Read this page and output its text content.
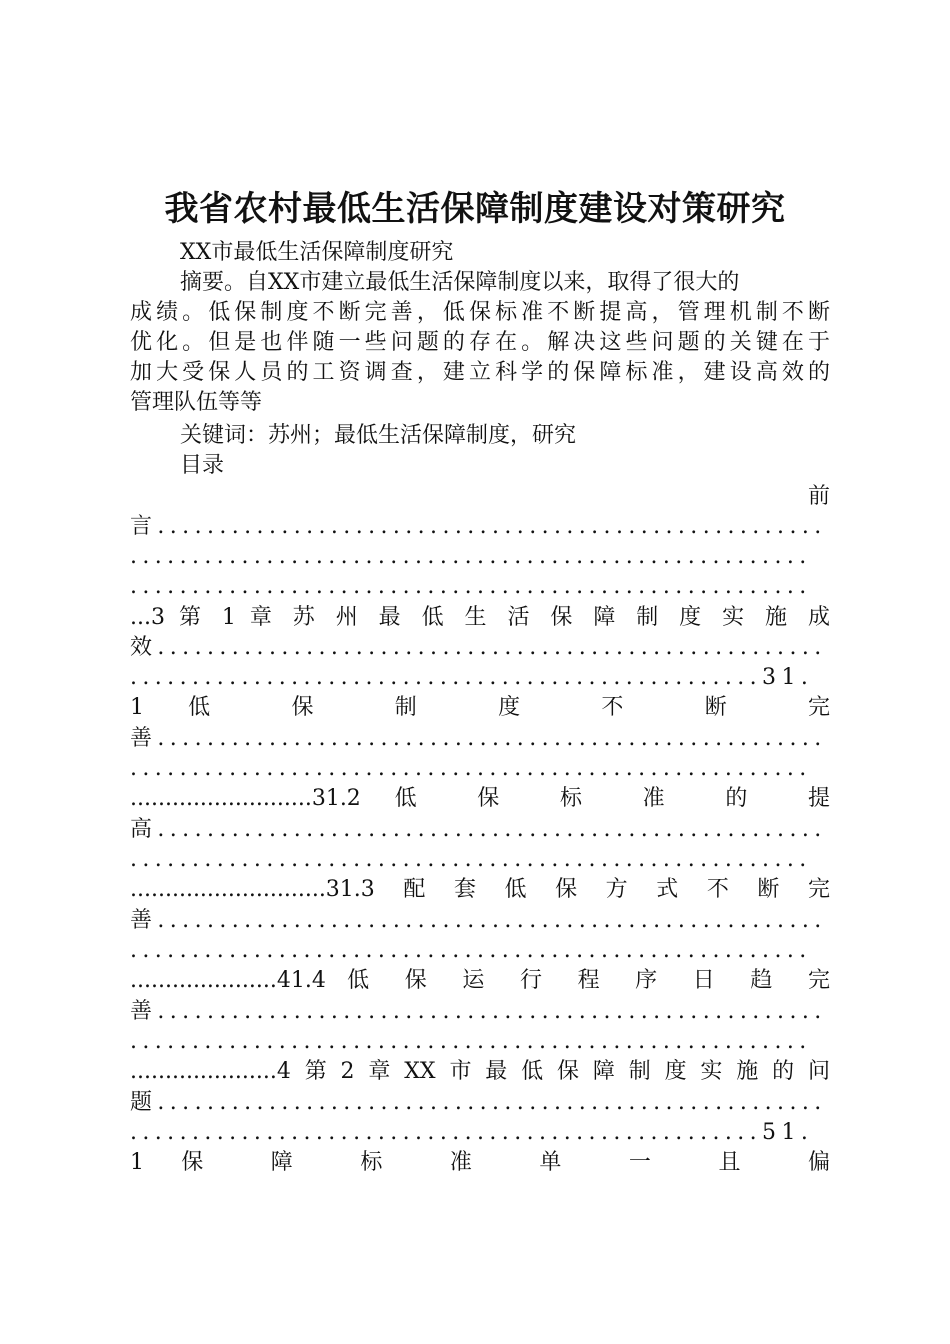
我省农村最低生活保障制度建设对策研究
XX市最低生活保障制度研究
摘要。自XX市建立最低生活保障制度以来，取得了很大的
成绩。低保制度不断完善，低保标准不断提高，管理机制不断
优化。但是也伴随一些问题的存在。解决这些问题的关键在于
加大受保人员的工资调查，建立科学的保障标准，建设高效的
管理队伍等等
关键词：苏州；最低生活保障制度，研究
目录
前
言......................................................
.......................................................
.......................................................
...3 第 1 章 苏 州 最 低 生 活 保 障 制 度 实 施 成
效......................................................
...................................................31.
1 低 保 制 度 不 断 完
善......................................................
.......................................................
..........................31.2 低 保 标 准 的 提
高......................................................
.......................................................
............................31.3配套低保方式不断完
善......................................................
.......................................................
.....................41.4 低 保 运 行 程 序 日 趋 完
善......................................................
.......................................................
.....................4第2章XX市最低保障制度实施的问
题......................................................
...................................................51.
1 保 障 标 准 单 一 且 偏
